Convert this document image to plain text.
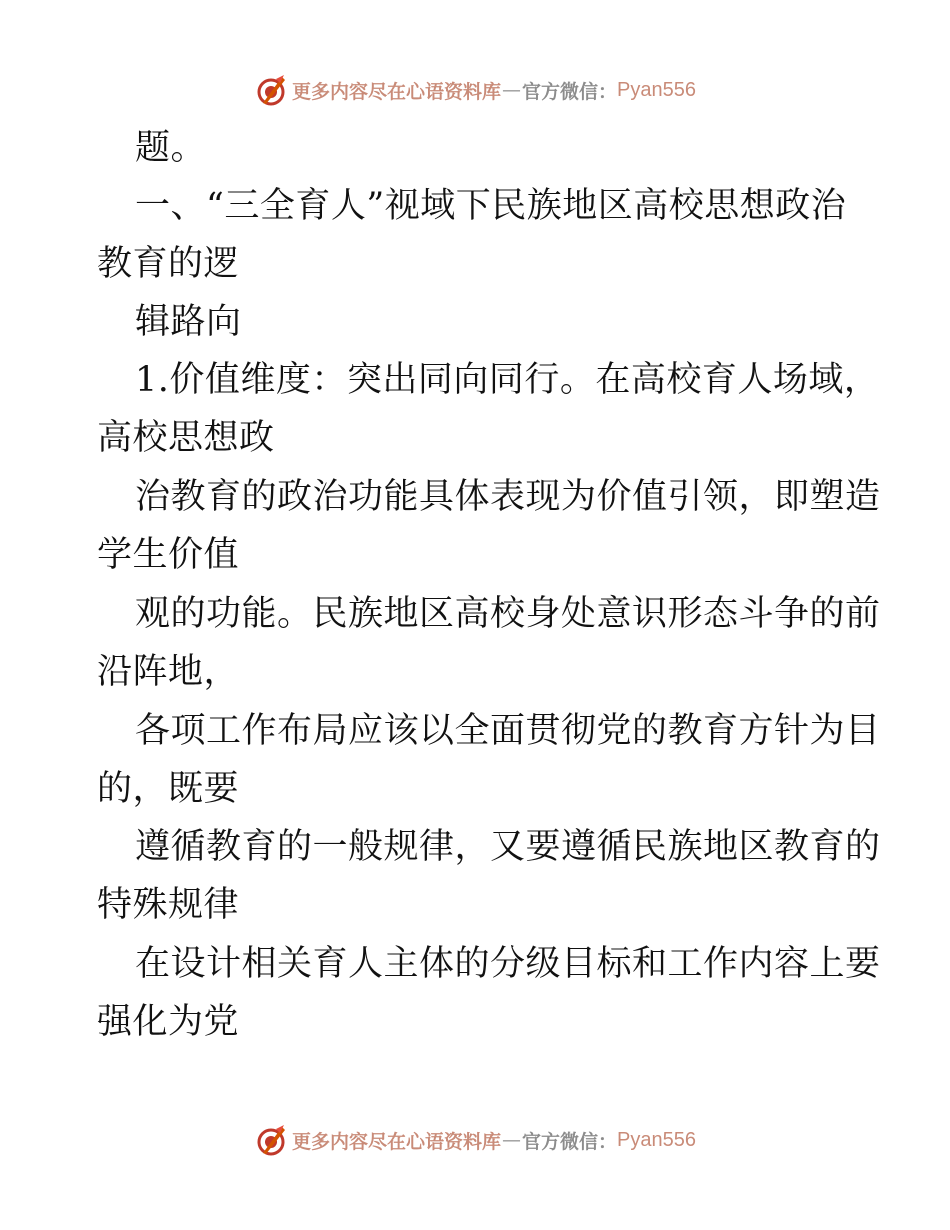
更多内容尽在心语资料库 — 官方微信： Pyan556
题。
一、“三全育人”视域下民族地区高校思想政治
教育的逻
辑路向
1.价值维度：突出同向同行。在高校育人场域，
高校思想政
治教育的政治功能具体表现为价值引领，即塑造
学生价值
观的功能。民族地区高校身处意识形态斗争的前
沿阵地，
各项工作布局应该以全面贯彻党的教育方针为目
的，既要
遵循教育的一般规律，又要遵循民族地区教育的
特殊规律
在设计相关育人主体的分级目标和工作内容上要
强化为党
更多内容尽在心语资料库 — 官方微信： Pyan556
